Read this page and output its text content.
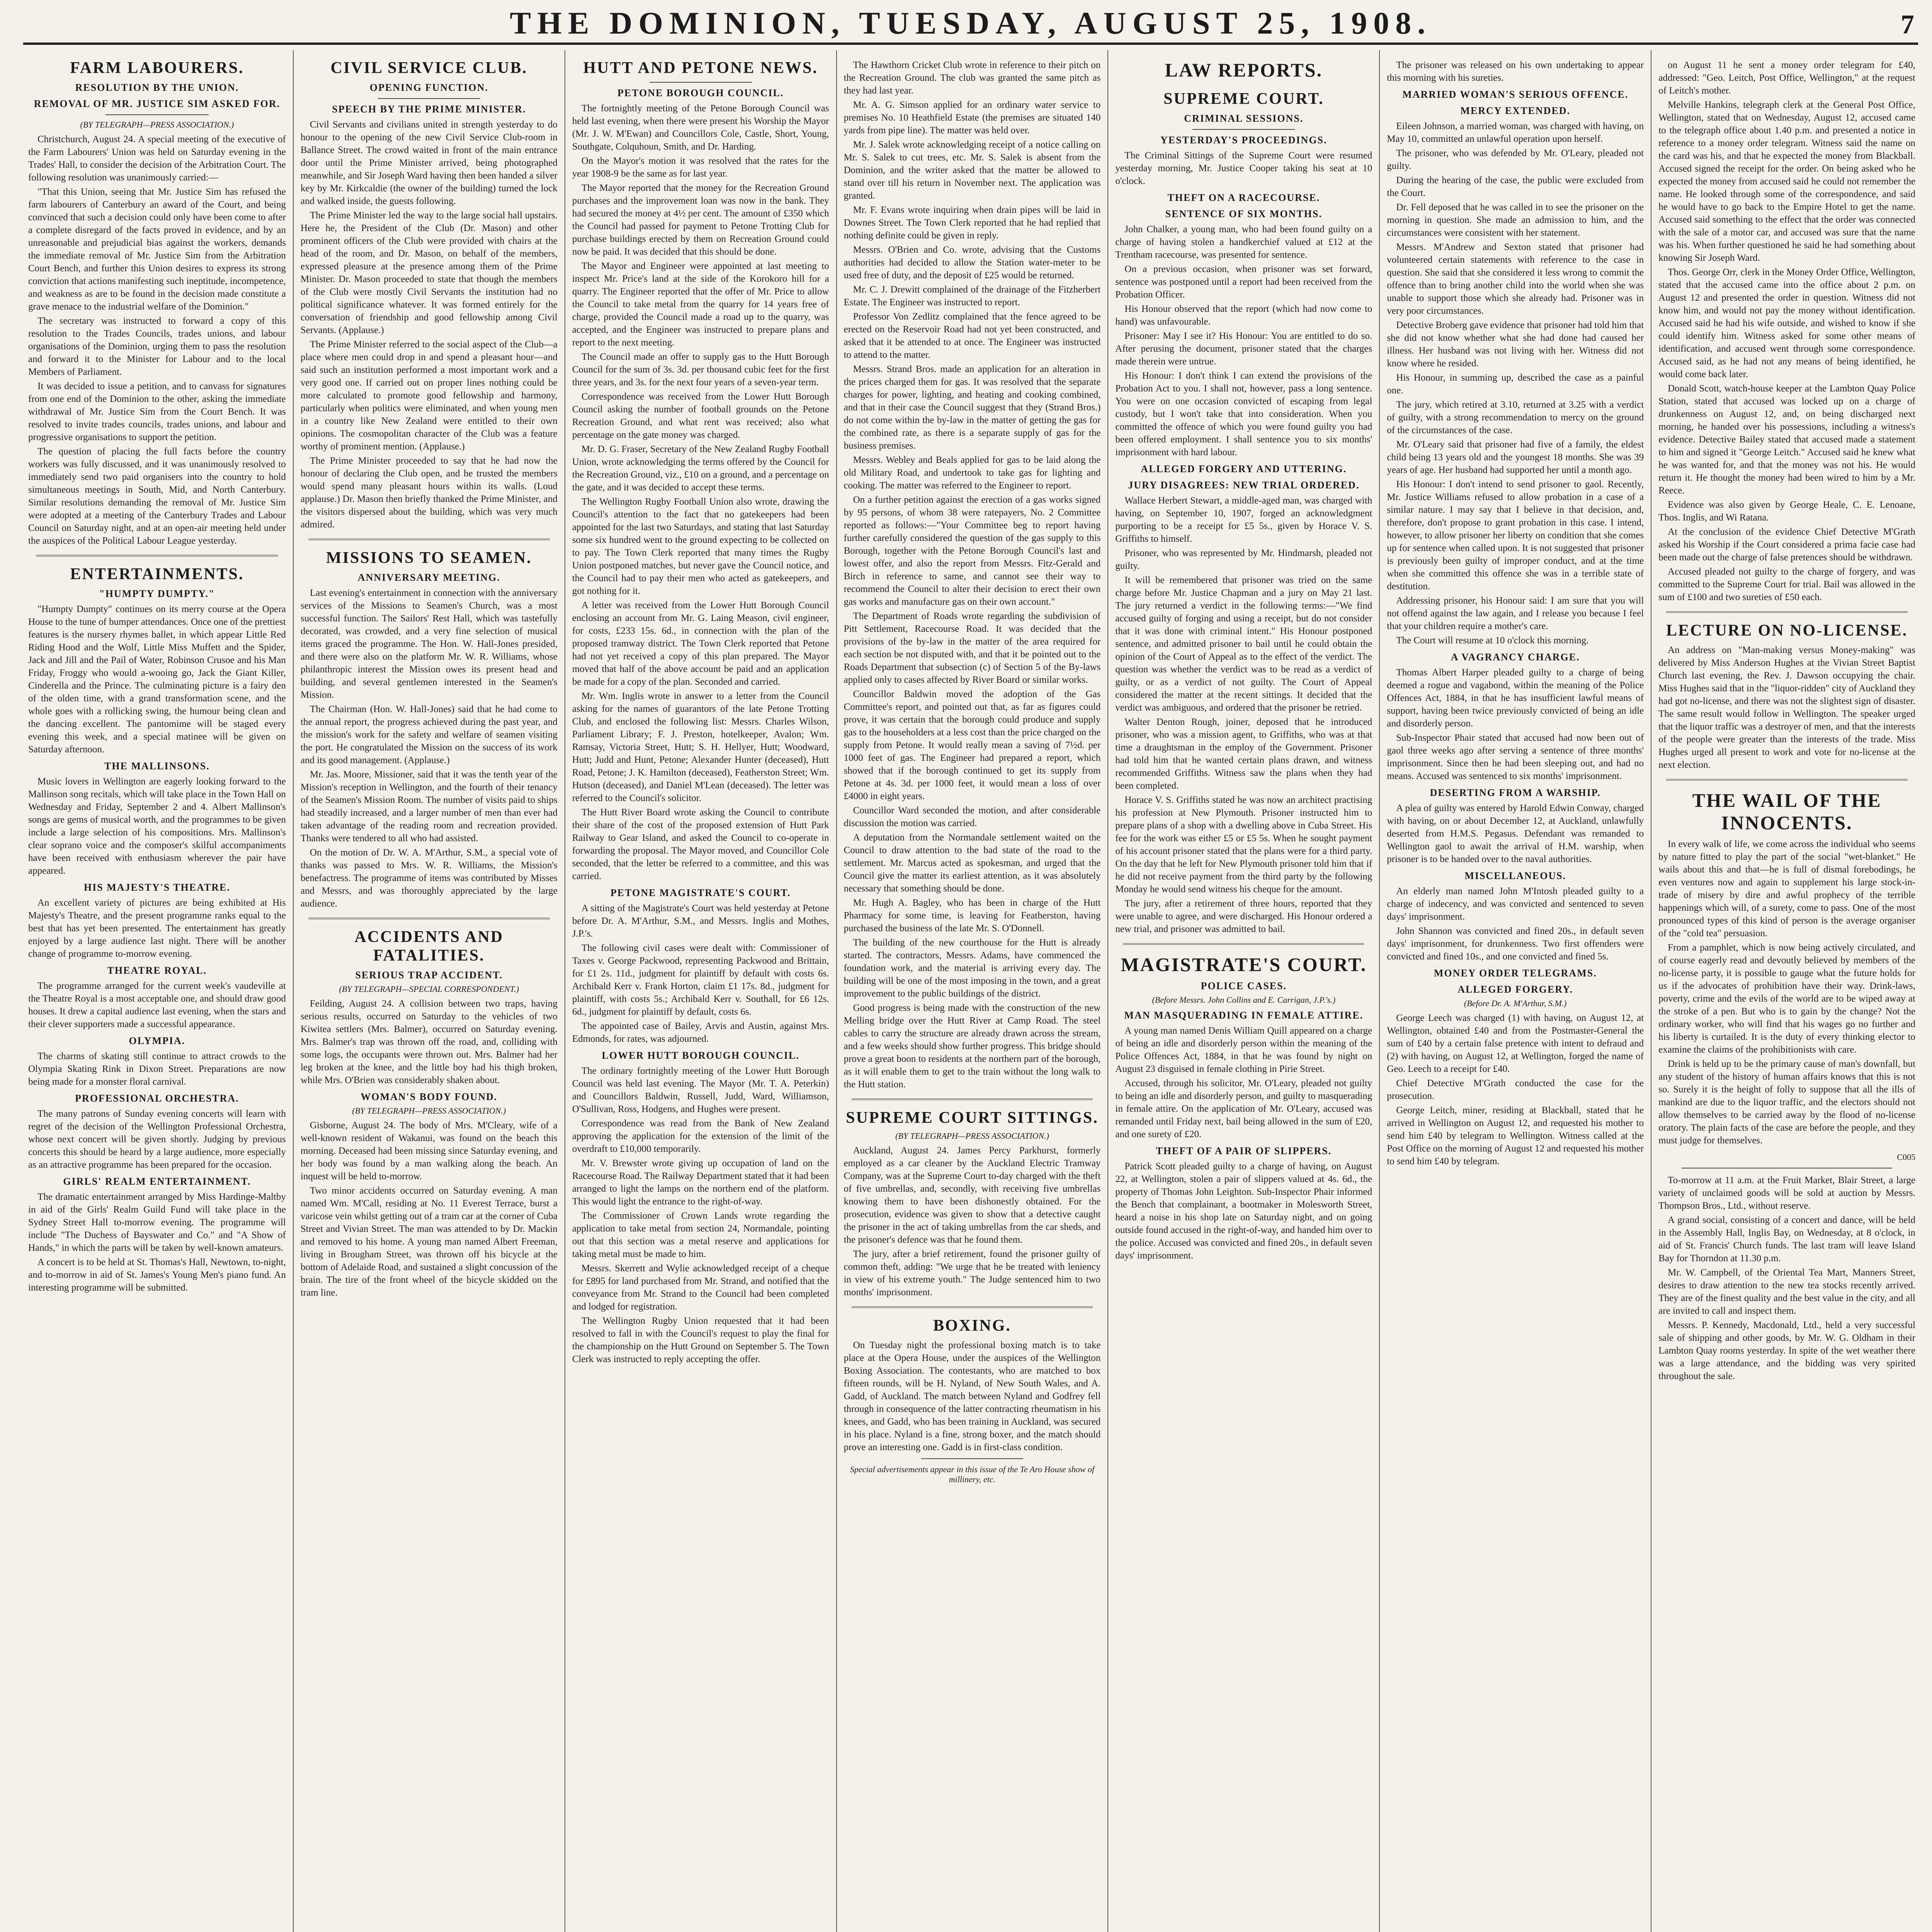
THE DOMINION, TUESDAY, AUGUST 25, 1908.	7
FARM LABOURERS.
RESOLUTION BY THE UNION.
REMOVAL OF MR. JUSTICE SIM ASKED FOR.
(BY TELEGRAPH—PRESS ASSOCIATION.)

Christchurch, August 24. A special meeting of the executive of the Farm Labourers' Union was held on Saturday evening in the Trades' Hall, to consider the decision of the Arbitration Court. The following resolution was unanimously carried:—

"That this Union, seeing that Mr. Justice Sim has refused the farm labourers of Canterbury an award of the Court, and being convinced that such a decision could only have been come to after a complete disregard of the facts proved in evidence, and by an unreasonable and prejudicial bias against the workers, demands the immediate removal of Mr. Justice Sim from the Arbitration Court Bench, and further this Union desires to express its strong conviction that actions manifesting such ineptitude, incompetence, and weakness as are to be found in the decision made constitute a grave menace to the industrial welfare of the Dominion."

The secretary was instructed to forward a copy of this resolution to the Trades Councils, trades unions, and labour organisations of the Dominion, urging them to pass the resolution and forward it to the Minister for Labour and to the local Members of Parliament.

It was decided to issue a petition, and to canvass for signatures from one end of the Dominion to the other, asking the immediate withdrawal of Mr. Justice Sim from the Court Bench. It was resolved to invite trades councils, trades unions, and labour and progressive organisations to support the petition.

The question of placing the full facts before the country workers was fully discussed, and it was unanimously resolved to immediately send two paid organisers into the country to hold simultaneous meetings in South, Mid, and North Canterbury. Similar resolutions demanding the removal of Mr. Justice Sim were adopted at a meeting of the Canterbury Trades and Labour Council on Saturday night, and at an open-air meeting held under the auspices of the Political Labour League yesterday.

ENTERTAINMENTS.
"HUMPTY DUMPTY."

"Humpty Dumpty" continues on its merry course at the Opera House to the tune of bumper attendances. Once one of the prettiest features is the nursery rhymes ballet, in which appear Little Red Riding Hood and the Wolf, Little Miss Muffett and the Spider, Jack and Jill and the Pail of Water, Robinson Crusoe and his Man Friday, Froggy who would a-wooing go, Jack the Giant Killer, Cinderella and the Prince. The culminating picture is a fairy den of the olden time, with a grand transformation scene, and the whole goes with a rollicking swing, the humour being clean and the dancing excellent. The pantomime will be staged every evening this week, and a special matinee will be given on Saturday afternoon.

THE MALLINSONS.

Music lovers in Wellington are eagerly looking forward to the Mallinson song recitals, which will take place in the Town Hall on Wednesday and Friday, September 2 and 4. Albert Mallinson's songs are gems of musical worth, and the programmes to be given include a large selection of his compositions. Mrs. Mallinson's clear soprano voice and the composer's skilful accompaniments have been received with enthusiasm wherever the pair have appeared.

HIS MAJESTY'S THEATRE.

An excellent variety of pictures are being exhibited at His Majesty's Theatre, and the present programme ranks equal to the best that has yet been presented. The entertainment has greatly enjoyed by a large audience last night. There will be another change of programme to-morrow evening.

THEATRE ROYAL.

The programme arranged for the current week's vaudeville at the Theatre Royal is a most acceptable one, and should draw good houses. It drew a capital audience last evening, when the stars and their clever supporters made a successful appearance.

OLYMPIA.

The charms of skating still continue to attract crowds to the Olympia Skating Rink in Dixon Street. Preparations are now being made for a monster floral carnival.

PROFESSIONAL ORCHESTRA.

The many patrons of Sunday evening concerts will learn with regret of the decision of the Wellington Professional Orchestra, whose next concert will be given shortly. Judging by previous concerts this should be heard by a large audience, more especially as an attractive programme has been prepared for the occasion.

GIRLS' REALM ENTERTAINMENT.

The dramatic entertainment arranged by Miss Hardinge-Maltby in aid of the Girls' Realm Guild Fund will take place in the Sydney Street Hall to-morrow evening. The programme will include "The Duchess of Bayswater and Co." and "A Show of Hands," in which the parts will be taken by well-known amateurs.

A concert is to be held at St. Thomas's Hall, Newtown, to-night, and to-morrow in aid of St. James's Young Men's piano fund. An interesting programme will be submitted.

CIVIL SERVICE CLUB.
OPENING FUNCTION.
SPEECH BY THE PRIME MINISTER.

Civil Servants and civilians united in strength yesterday to do honour to the opening of the new Civil Service Club-room in Ballance Street. The crowd waited in front of the main entrance door until the Prime Minister arrived, being photographed meanwhile, and Sir Joseph Ward having then been handed a silver key by Mr. Kirkcaldie (the owner of the building) turned the lock and walked inside, the guests following.

The Prime Minister led the way to the large social hall upstairs. Here he, the President of the Club (Dr. Mason) and other prominent officers of the Club were provided with chairs at the head of the room, and Dr. Mason, on behalf of the members, expressed pleasure at the presence among them of the Prime Minister. Dr. Mason proceeded to state that though the members of the Club were mostly Civil Servants the institution had no political significance whatever. It was formed entirely for the conversation of friendship and good fellowship among Civil Servants. (Applause.)

The Prime Minister referred to the social aspect of the Club—a place where men could drop in and spend a pleasant hour—and said such an institution performed a most important work and a very good one. If carried out on proper lines nothing could be more calculated to promote good fellowship and harmony, particularly when politics were eliminated, and when young men in a country like New Zealand were entitled to their own opinions. The cosmopolitan character of the Club was a feature worthy of prominent mention. (Applause.)

The Prime Minister proceeded to say that he had now the honour of declaring the Club open, and he trusted the members would spend many pleasant hours within its walls. (Loud applause.) Dr. Mason then briefly thanked the Prime Minister, and the visitors dispersed about the building, which was very much admired.

MISSIONS TO SEAMEN.
ANNIVERSARY MEETING.

Last evening's entertainment in connection with the anniversary services of the Missions to Seamen's Church, was a most successful function. The Sailors' Rest Hall, which was tastefully decorated, was crowded, and a very fine selection of musical items graced the programme. The Hon. W. Hall-Jones presided, and there were also on the platform Mr. W. R. Williams, whose philanthropic interest the Mission owes its present head and building, and several gentlemen interested in the Seamen's Mission.

The Chairman (Hon. W. Hall-Jones) said that he had come to the annual report, the progress achieved during the past year, and the mission's work for the safety and welfare of seamen visiting the port. He congratulated the Mission on the success of its work and its good management. (Applause.)

Mr. Jas. Moore, Missioner, said that it was the tenth year of the Mission's reception in Wellington, and the fourth of their tenancy of the Seamen's Mission Room. The number of visits paid to ships had steadily increased, and a larger number of men than ever had taken advantage of the reading room and recreation provided. Thanks were tendered to all who had assisted.

On the motion of Dr. W. A. M'Arthur, S.M., a special vote of thanks was passed to Mrs. W. R. Williams, the Mission's benefactress. The programme of items was contributed by Misses and Messrs, and was thoroughly appreciated by the large audience.

ACCIDENTS AND FATALITIES.
SERIOUS TRAP ACCIDENT.
(BY TELEGRAPH—SPECIAL CORRESPONDENT.)

Feilding, August 24. A collision between two traps, having serious results, occurred on Saturday to the vehicles of two Kiwitea settlers (Mrs. Balmer), occurred on Saturday evening. Mrs. Balmer's trap was thrown off the road, and, colliding with some logs, the occupants were thrown out. Mrs. Balmer had her leg broken at the knee, and the little boy had his thigh broken, while Mrs. O'Brien was considerably shaken about.

WOMAN'S BODY FOUND.
(BY TELEGRAPH—PRESS ASSOCIATION.)

Gisborne, August 24. The body of Mrs. M'Cleary, wife of a well-known resident of Wakanui, was found on the beach this morning. Deceased had been missing since Saturday evening, and her body was found by a man walking along the beach. An inquest will be held to-morrow.

Two minor accidents occurred on Saturday evening. A man named Wm. M'Call, residing at No. 11 Everest Terrace, burst a varicose vein whilst getting out of a tram car at the corner of Cuba Street and Vivian Street. The man was attended to by Dr. Mackin and removed to his home. A young man named Albert Freeman, living in Brougham Street, was thrown off his bicycle at the bottom of Adelaide Road, and sustained a slight concussion of the brain. The tire of the front wheel of the bicycle skidded on the tram line.

HUTT AND PETONE NEWS.
PETONE BOROUGH COUNCIL.

The fortnightly meeting of the Petone Borough Council was held last evening, when there were present his Worship the Mayor (Mr. J. W. M'Ewan) and Councillors Cole, Castle, Short, Young, Southgate, Colquhoun, Smith, and Dr. Harding.

On the Mayor's motion it was resolved that the rates for the year 1908-9 be the same as for last year.

The Mayor reported that the money for the Recreation Ground purchases and the improvement loan was now in the bank. They had secured the money at 4½ per cent. The amount of £350 which the Council had passed for payment to Petone Trotting Club for purchase buildings erected by them on Recreation Ground could now be paid. It was decided that this should be done.

The Mayor and Engineer were appointed at last meeting to inspect Mr. Price's land at the side of the Korokoro hill for a quarry. The Engineer reported that the offer of Mr. Price to allow the Council to take metal from the quarry for 14 years free of charge, provided the Council made a road up to the quarry, was accepted, and the Engineer was instructed to prepare plans and report to the next meeting.

The Council made an offer to supply gas to the Hutt Borough Council for the sum of 3s. 3d. per thousand cubic feet for the first three years, and 3s. for the next four years of a seven-year term.

Correspondence was received from the Lower Hutt Borough Council asking the number of football grounds on the Petone Recreation Ground, and what rent was received; also what percentage on the gate money was charged.

Mr. D. G. Fraser, Secretary of the New Zealand Rugby Football Union, wrote acknowledging the terms offered by the Council for the Recreation Ground, viz., £10 on a ground, and a percentage on the gate, and it was decided to accept these terms.

The Wellington Rugby Football Union also wrote, drawing the Council's attention to the fact that no gatekeepers had been appointed for the last two Saturdays, and stating that last Saturday some six hundred went to the ground expecting to be collected on to pay. The Town Clerk reported that many times the Rugby Union postponed matches, but never gave the Council notice, and the Council had to pay their men who acted as gatekeepers, and got nothing for it.

A letter was received from the Lower Hutt Borough Council enclosing an account from Mr. G. Laing Meason, civil engineer, for costs, £233 15s. 6d., in connection with the plan of the proposed tramway district. The Town Clerk reported that Petone had not yet received a copy of this plan prepared. The Mayor moved that half of the above account be paid and an application be made for a copy of the plan. Seconded and carried.

Mr. Wm. Inglis wrote in answer to a letter from the Council asking for the names of guarantors of the late Petone Trotting Club, and enclosed the following list: Messrs. Charles Wilson, Parliament Library; F. J. Preston, hotelkeeper, Avalon; Wm. Ramsay, Victoria Street, Hutt; S. H. Hellyer, Hutt; Woodward, Hutt; Judd and Hunt, Petone; Alexander Hunter (deceased), Hutt Road, Petone; J. K. Hamilton (deceased), Featherston Street; Wm. Hutson (deceased), and Daniel M'Lean (deceased). The letter was referred to the Council's solicitor.

The Hutt River Board wrote asking the Council to contribute their share of the cost of the proposed extension of Hutt Park Railway to Gear Island, and asked the Council to co-operate in forwarding the proposal. The Mayor moved, and Councillor Cole seconded, that the letter be referred to a committee, and this was carried.

PETONE MAGISTRATE'S COURT.

A sitting of the Magistrate's Court was held yesterday at Petone before Dr. A. M'Arthur, S.M., and Messrs. Inglis and Mothes, J.P.'s.

The following civil cases were dealt with: Commissioner of Taxes v. George Packwood, representing Packwood and Brittain, for £1 2s. 11d., judgment for plaintiff by default with costs 6s. Archibald Kerr v. Frank Horton, claim £1 17s. 8d., judgment for plaintiff, with costs 5s.; Archibald Kerr v. Southall, for £6 12s. 6d., judgment for plaintiff by default, costs 6s.

The appointed case of Bailey, Arvis and Austin, against Mrs. Edmonds, for rates, was adjourned.

LOWER HUTT BOROUGH COUNCIL.

The ordinary fortnightly meeting of the Lower Hutt Borough Council was held last evening. The Mayor (Mr. T. A. Peterkin) and Councillors Baldwin, Russell, Judd, Ward, Williamson, O'Sullivan, Ross, Hodgens, and Hughes were present.

Correspondence was read from the Bank of New Zealand approving the application for the extension of the limit of the overdraft to £10,000 temporarily.

Mr. V. Brewster wrote giving up occupation of land on the Racecourse Road. The Railway Department stated that it had been arranged to light the lamps on the northern end of the platform. This would light the entrance to the right-of-way.

The Commissioner of Crown Lands wrote regarding the application to take metal from section 24, Normandale, pointing out that this section was a metal reserve and applications for taking metal must be made to him.

Messrs. Skerrett and Wylie acknowledged receipt of a cheque for £895 for land purchased from Mr. Strand, and notified that the conveyance from Mr. Strand to the Council had been completed and lodged for registration.

The Wellington Rugby Union requested that it had been resolved to fall in with the Council's request to play the final for the championship on the Hutt Ground on September 5. The Town Clerk was instructed to reply accepting the offer.

The Hawthorn Cricket Club wrote in reference to their pitch on the Recreation Ground. The club was granted the same pitch as they had last year.

Mr. A. G. Simson applied for an ordinary water service to premises No. 10 Heathfield Estate (the premises are situated 140 yards from pipe line). The matter was held over.

Mr. J. Salek wrote acknowledging receipt of a notice calling on Mr. S. Salek to cut trees, etc. Mr. S. Salek is absent from the Dominion, and the writer asked that the matter be allowed to stand over till his return in November next. The application was granted.

Mr. F. Evans wrote inquiring when drain pipes will be laid in Downes Street. The Town Clerk reported that he had replied that nothing definite could be given in reply.

Messrs. O'Brien and Co. wrote, advising that the Customs authorities had decided to allow the Station water-meter to be used free of duty, and the deposit of £25 would be returned.

Mr. C. J. Drewitt complained of the drainage of the Fitzherbert Estate. The Engineer was instructed to report.

Professor Von Zedlitz complained that the fence agreed to be erected on the Reservoir Road had not yet been constructed, and asked that it be attended to at once. The Engineer was instructed to attend to the matter.

Messrs. Strand Bros. made an application for an alteration in the prices charged them for gas. It was resolved that the separate charges for power, lighting, and heating and cooking combined, and that in their case the Council suggest that they (Strand Bros.) do not come within the by-law in the matter of getting the gas for the combined rate, as there is a separate supply of gas for the business premises.

Messrs. Webley and Beals applied for gas to be laid along the old Military Road, and undertook to take gas for lighting and cooking. The matter was referred to the Engineer to report.

On a further petition against the erection of a gas works signed by 95 persons, of whom 38 were ratepayers, No. 2 Committee reported as follows:—"Your Committee beg to report having further carefully considered the question of the gas supply to this Borough, together with the Petone Borough Council's last and lowest offer, and also the report from Messrs. Fitz-Gerald and Birch in reference to same, and cannot see their way to recommend the Council to alter their decision to erect their own gas works and manufacture gas on their own account."

The Department of Roads wrote regarding the subdivision of Pitt Settlement, Racecourse Road. It was decided that the provisions of the by-law in the matter of the area required for each section be not disputed with, and that it be pointed out to the Roads Department that subsection (c) of Section 5 of the By-laws applied only to cases affected by River Board or similar works.

Councillor Baldwin moved the adoption of the Gas Committee's report, and pointed out that, as far as figures could prove, it was certain that the borough could produce and supply gas to the householders at a less cost than the price charged on the supply from Petone. It would really mean a saving of 7½d. per 1000 feet of gas. The Engineer had prepared a report, which showed that if the borough continued to get its supply from Petone at 4s. 3d. per 1000 feet, it would mean a loss of over £4000 in eight years.

Councillor Ward seconded the motion, and after considerable discussion the motion was carried.

A deputation from the Normandale settlement waited on the Council to draw attention to the bad state of the road to the settlement. Mr. Marcus acted as spokesman, and urged that the Council give the matter its earliest attention, as it was absolutely necessary that something should be done.

Mr. Hugh A. Bagley, who has been in charge of the Hutt Pharmacy for some time, is leaving for Featherston, having purchased the business of the late Mr. S. O'Donnell.

The building of the new courthouse for the Hutt is already started. The contractors, Messrs. Adams, have commenced the foundation work, and the material is arriving every day. The building will be one of the most imposing in the town, and a great improvement to the public buildings of the district.

Good progress is being made with the construction of the new Melling bridge over the Hutt River at Camp Road. The steel cables to carry the structure are already drawn across the stream, and a few weeks should show further progress. This bridge should prove a great boon to residents at the northern part of the borough, as it will enable them to get to the train without the long walk to the Hutt station.

SUPREME COURT SITTINGS.
(BY TELEGRAPH—PRESS ASSOCIATION.)

Auckland, August 24. James Percy Parkhurst, formerly employed as a car cleaner by the Auckland Electric Tramway Company, was at the Supreme Court to-day charged with the theft of five umbrellas, and, secondly, with receiving five umbrellas knowing them to have been dishonestly obtained. For the prosecution, evidence was given to show that a detective caught the prisoner in the act of taking umbrellas from the car sheds, and the prisoner's defence was that he found them.

The jury, after a brief retirement, found the prisoner guilty of common theft, adding: "We urge that he be treated with leniency in view of his extreme youth." The Judge sentenced him to two months' imprisonment.

BOXING.

On Tuesday night the professional boxing match is to take place at the Opera House, under the auspices of the Wellington Boxing Association. The contestants, who are matched to box fifteen rounds, will be H. Nyland, of New South Wales, and A. Gadd, of Auckland. The match between Nyland and Godfrey fell through in consequence of the latter contracting rheumatism in his knees, and Gadd, who has been training in Auckland, was secured in his place. Nyland is a fine, strong boxer, and the match should prove an interesting one. Gadd is in first-class condition.

Special advertisements appear in this issue of the Te Aro House show of millinery, etc.
LAW REPORTS.
SUPREME COURT.
CRIMINAL SESSIONS.
YESTERDAY'S PROCEEDINGS.

The Criminal Sittings of the Supreme Court were resumed yesterday morning, Mr. Justice Cooper taking his seat at 10 o'clock.

THEFT ON A RACECOURSE.
SENTENCE OF SIX MONTHS.

John Chalker, a young man, who had been found guilty on a charge of having stolen a handkerchief valued at £12 at the Trentham racecourse, was presented for sentence.

On a previous occasion, when prisoner was set forward, sentence was postponed until a report had been received from the Probation Officer.

His Honour observed that the report (which had now come to hand) was unfavourable.

Prisoner: May I see it? His Honour: You are entitled to do so. After perusing the document, prisoner stated that the charges made therein were untrue.

His Honour: I don't think I can extend the provisions of the Probation Act to you. I shall not, however, pass a long sentence. You were on one occasion convicted of escaping from legal custody, but I won't take that into consideration. When you committed the offence of which you were found guilty you had been offered employment. I shall sentence you to six months' imprisonment with hard labour.

ALLEGED FORGERY AND UTTERING.
JURY DISAGREES: NEW TRIAL ORDERED.

Wallace Herbert Stewart, a middle-aged man, was charged with having, on September 10, 1907, forged an acknowledgment purporting to be a receipt for £5 5s., given by Horace V. S. Griffiths to himself.

Prisoner, who was represented by Mr. Hindmarsh, pleaded not guilty.

It will be remembered that prisoner was tried on the same charge before Mr. Justice Chapman and a jury on May 21 last. The jury returned a verdict in the following terms:—"We find accused guilty of forging and using a receipt, but do not consider that it was done with criminal intent." His Honour postponed sentence, and admitted prisoner to bail until he could obtain the opinion of the Court of Appeal as to the effect of the verdict. The question was whether the verdict was to be read as a verdict of guilty, or as a verdict of not guilty. The Court of Appeal considered the matter at the recent sittings. It decided that the verdict was ambiguous, and ordered that the prisoner be retried.

Walter Denton Rough, joiner, deposed that he introduced prisoner, who was a mission agent, to Griffiths, who was at that time a draughtsman in the employ of the Government. Prisoner had told him that he wanted certain plans drawn, and witness recommended Griffiths. Witness saw the plans when they had been completed.

Horace V. S. Griffiths stated he was now an architect practising his profession at New Plymouth. Prisoner instructed him to prepare plans of a shop with a dwelling above in Cuba Street. His fee for the work was either £5 or £5 5s. When he sought payment of his account prisoner stated that the plans were for a third party. On the day that he left for New Plymouth prisoner told him that if he did not receive payment from the third party by the following Monday he would send witness his cheque for the amount.

The jury, after a retirement of three hours, reported that they were unable to agree, and were discharged. His Honour ordered a new trial, and prisoner was admitted to bail.

MAGISTRATE'S COURT.
POLICE CASES.
(Before Messrs. John Collins and E. Carrigan, J.P.'s.)
MAN MASQUERADING IN FEMALE ATTIRE.

A young man named Denis William Quill appeared on a charge of being an idle and disorderly person within the meaning of the Police Offences Act, 1884, in that he was found by night on August 23 disguised in female clothing in Pirie Street.

Accused, through his solicitor, Mr. O'Leary, pleaded not guilty to being an idle and disorderly person, and guilty to masquerading in female attire. On the application of Mr. O'Leary, accused was remanded until Friday next, bail being allowed in the sum of £20, and one surety of £20.

THEFT OF A PAIR OF SLIPPERS.

Patrick Scott pleaded guilty to a charge of having, on August 22, at Wellington, stolen a pair of slippers valued at 4s. 6d., the property of Thomas John Leighton. Sub-Inspector Phair informed the Bench that complainant, a bootmaker in Molesworth Street, heard a noise in his shop late on Saturday night, and on going outside found accused in the right-of-way, and handed him over to the police. Accused was convicted and fined 20s., in default seven days' imprisonment.

The prisoner was released on his own undertaking to appear this morning with his sureties.

MARRIED WOMAN'S SERIOUS OFFENCE.
MERCY EXTENDED.

Eileen Johnson, a married woman, was charged with having, on May 10, committed an unlawful operation upon herself.

The prisoner, who was defended by Mr. O'Leary, pleaded not guilty.

During the hearing of the case, the public were excluded from the Court.

Dr. Fell deposed that he was called in to see the prisoner on the morning in question. She made an admission to him, and the circumstances were consistent with her statement.

Messrs. M'Andrew and Sexton stated that prisoner had volunteered certain statements with reference to the case in question. She said that she considered it less wrong to commit the offence than to bring another child into the world when she was unable to support those which she already had. Prisoner was in very poor circumstances.

Detective Broberg gave evidence that prisoner had told him that she did not know whether what she had done had caused her illness. Her husband was not living with her. Witness did not know where he resided.

His Honour, in summing up, described the case as a painful one.

The jury, which retired at 3.10, returned at 3.25 with a verdict of guilty, with a strong recommendation to mercy on the ground of the circumstances of the case.

Mr. O'Leary said that prisoner had five of a family, the eldest child being 13 years old and the youngest 18 months. She was 39 years of age. Her husband had supported her until a month ago.

His Honour: I don't intend to send prisoner to gaol. Recently, Mr. Justice Williams refused to allow probation in a case of a similar nature. I may say that I believe in that decision, and, therefore, don't propose to grant probation in this case. I intend, however, to allow prisoner her liberty on condition that she comes up for sentence when called upon. It is not suggested that prisoner is previously been guilty of improper conduct, and at the time when she committed this offence she was in a terrible state of destitution.

Addressing prisoner, his Honour said: I am sure that you will not offend against the law again, and I release you because I feel that your children require a mother's care.

The Court will resume at 10 o'clock this morning.

A VAGRANCY CHARGE.

Thomas Albert Harper pleaded guilty to a charge of being deemed a rogue and vagabond, within the meaning of the Police Offences Act, 1884, in that he has insufficient lawful means of support, having been twice previously convicted of being an idle and disorderly person.

Sub-Inspector Phair stated that accused had now been out of gaol three weeks ago after serving a sentence of three months' imprisonment. Since then he had been sleeping out, and had no means. Accused was sentenced to six months' imprisonment.

DESERTING FROM A WARSHIP.

A plea of guilty was entered by Harold Edwin Conway, charged with having, on or about December 12, at Auckland, unlawfully deserted from H.M.S. Pegasus. Defendant was remanded to Wellington gaol to await the arrival of H.M. warship, when prisoner is to be handed over to the naval authorities.

MISCELLANEOUS.

An elderly man named John M'Intosh pleaded guilty to a charge of indecency, and was convicted and sentenced to seven days' imprisonment.

John Shannon was convicted and fined 20s., in default seven days' imprisonment, for drunkenness. Two first offenders were convicted and fined 10s., and one convicted and fined 5s.

MONEY ORDER TELEGRAMS.
ALLEGED FORGERY.
(Before Dr. A. M'Arthur, S.M.)

George Leech was charged (1) with having, on August 12, at Wellington, obtained £40 and from the Postmaster-General the sum of £40 by a certain false pretence with intent to defraud and (2) with having, on August 12, at Wellington, forged the name of Geo. Leech to a receipt for £40.

Chief Detective M'Grath conducted the case for the prosecution.

George Leitch, miner, residing at Blackball, stated that he arrived in Wellington on August 12, and requested his mother to send him £40 by telegram to Wellington. Witness called at the Post Office on the morning of August 12 and requested his mother to send him £40 by telegram.

on August 11 he sent a money order telegram for £40, addressed: "Geo. Leitch, Post Office, Wellington," at the request of Leitch's mother.

Melville Hankins, telegraph clerk at the General Post Office, Wellington, stated that on Wednesday, August 12, accused came to the telegraph office about 1.40 p.m. and presented a notice in reference to a money order telegram. Witness said the name on the card was his, and that he expected the money from Blackball. Accused signed the receipt for the order. On being asked who he expected the money from accused said he could not remember the name. He looked through some of the correspondence, and said he would have to go back to the Empire Hotel to get the name. Accused said something to the effect that the order was connected with the sale of a motor car, and accused was sure that the name was his. When further questioned he said he had something about knowing Sir Joseph Ward.

Thos. George Orr, clerk in the Money Order Office, Wellington, stated that the accused came into the office about 2 p.m. on August 12 and presented the order in question. Witness did not know him, and would not pay the money without identification. Accused said he had his wife outside, and wished to know if she could identify him. Witness asked for some other means of identification, and accused went through some correspondence. Accused said, as he had not any means of being identified, he would come back later.

Donald Scott, watch-house keeper at the Lambton Quay Police Station, stated that accused was locked up on a charge of drunkenness on August 12, and, on being discharged next morning, he handed over his possessions, including a witness's evidence. Detective Bailey stated that accused made a statement to him and signed it "George Leitch." Accused said he knew what he was wanted for, and that the money was not his. He would return it. He thought the money had been wired to him by a Mr. Reece.

Evidence was also given by George Heale, C. E. Lenoane, Thos. Inglis, and Wi Ratana.

At the conclusion of the evidence Chief Detective M'Grath asked his Worship if the Court considered a prima facie case had been made out the charge of false pretences should be withdrawn.

Accused pleaded not guilty to the charge of forgery, and was committed to the Supreme Court for trial. Bail was allowed in the sum of £100 and two sureties of £50 each.

LECTURE ON NO-LICENSE.

An address on "Man-making versus Money-making" was delivered by Miss Anderson Hughes at the Vivian Street Baptist Church last evening, the Rev. J. Dawson occupying the chair. Miss Hughes said that in the "liquor-ridden" city of Auckland they had got no-license, and there was not the slightest sign of disaster. The same result would follow in Wellington. The speaker urged that the liquor traffic was a destroyer of men, and that the interests of the people were greater than the interests of the trade. Miss Hughes urged all present to work and vote for no-license at the next election.

THE WAIL OF THE INNOCENTS.

In every walk of life, we come across the individual who seems by nature fitted to play the part of the social "wet-blanket." He wails about this and that—he is full of dismal forebodings, he even ventures now and again to supplement his large stock-in-trade of misery by dire and awful prophecy of the terrible happenings which will, of a surety, come to pass. One of the most pronounced types of this kind of person is the average organiser of the "cold tea" persuasion.

From a pamphlet, which is now being actively circulated, and of course eagerly read and devoutly believed by members of the no-license party, it is possible to gauge what the future holds for us if the advocates of prohibition have their way. Drink-laws, poverty, crime and the evils of the world are to be wiped away at the stroke of a pen. But who is to gain by the change? Not the ordinary worker, who will find that his wages go no further and his liberty is curtailed. It is the duty of every thinking elector to examine the claims of the prohibitionists with care.

Drink is held up to be the primary cause of man's downfall, but any student of the history of human affairs knows that this is not so. Surely it is the height of folly to suppose that all the ills of mankind are due to the liquor traffic, and the electors should not allow themselves to be carried away by the flood of no-license oratory. The plain facts of the case are before the people, and they must judge for themselves.

C005

To-morrow at 11 a.m. at the Fruit Market, Blair Street, a large variety of unclaimed goods will be sold at auction by Messrs. Thompson Bros., Ltd., without reserve.

A grand social, consisting of a concert and dance, will be held in the Assembly Hall, Inglis Bay, on Wednesday, at 8 o'clock, in aid of St. Francis' Church funds. The last tram will leave Island Bay for Thorndon at 11.30 p.m.

Mr. W. Campbell, of the Oriental Tea Mart, Manners Street, desires to draw attention to the new tea stocks recently arrived. They are of the finest quality and the best value in the city, and all are invited to call and inspect them.

Messrs. P. Kennedy, Macdonald, Ltd., held a very successful sale of shipping and other goods, by Mr. W. G. Oldham in their Lambton Quay rooms yesterday. In spite of the wet weather there was a large attendance, and the bidding was very spirited throughout the sale.
